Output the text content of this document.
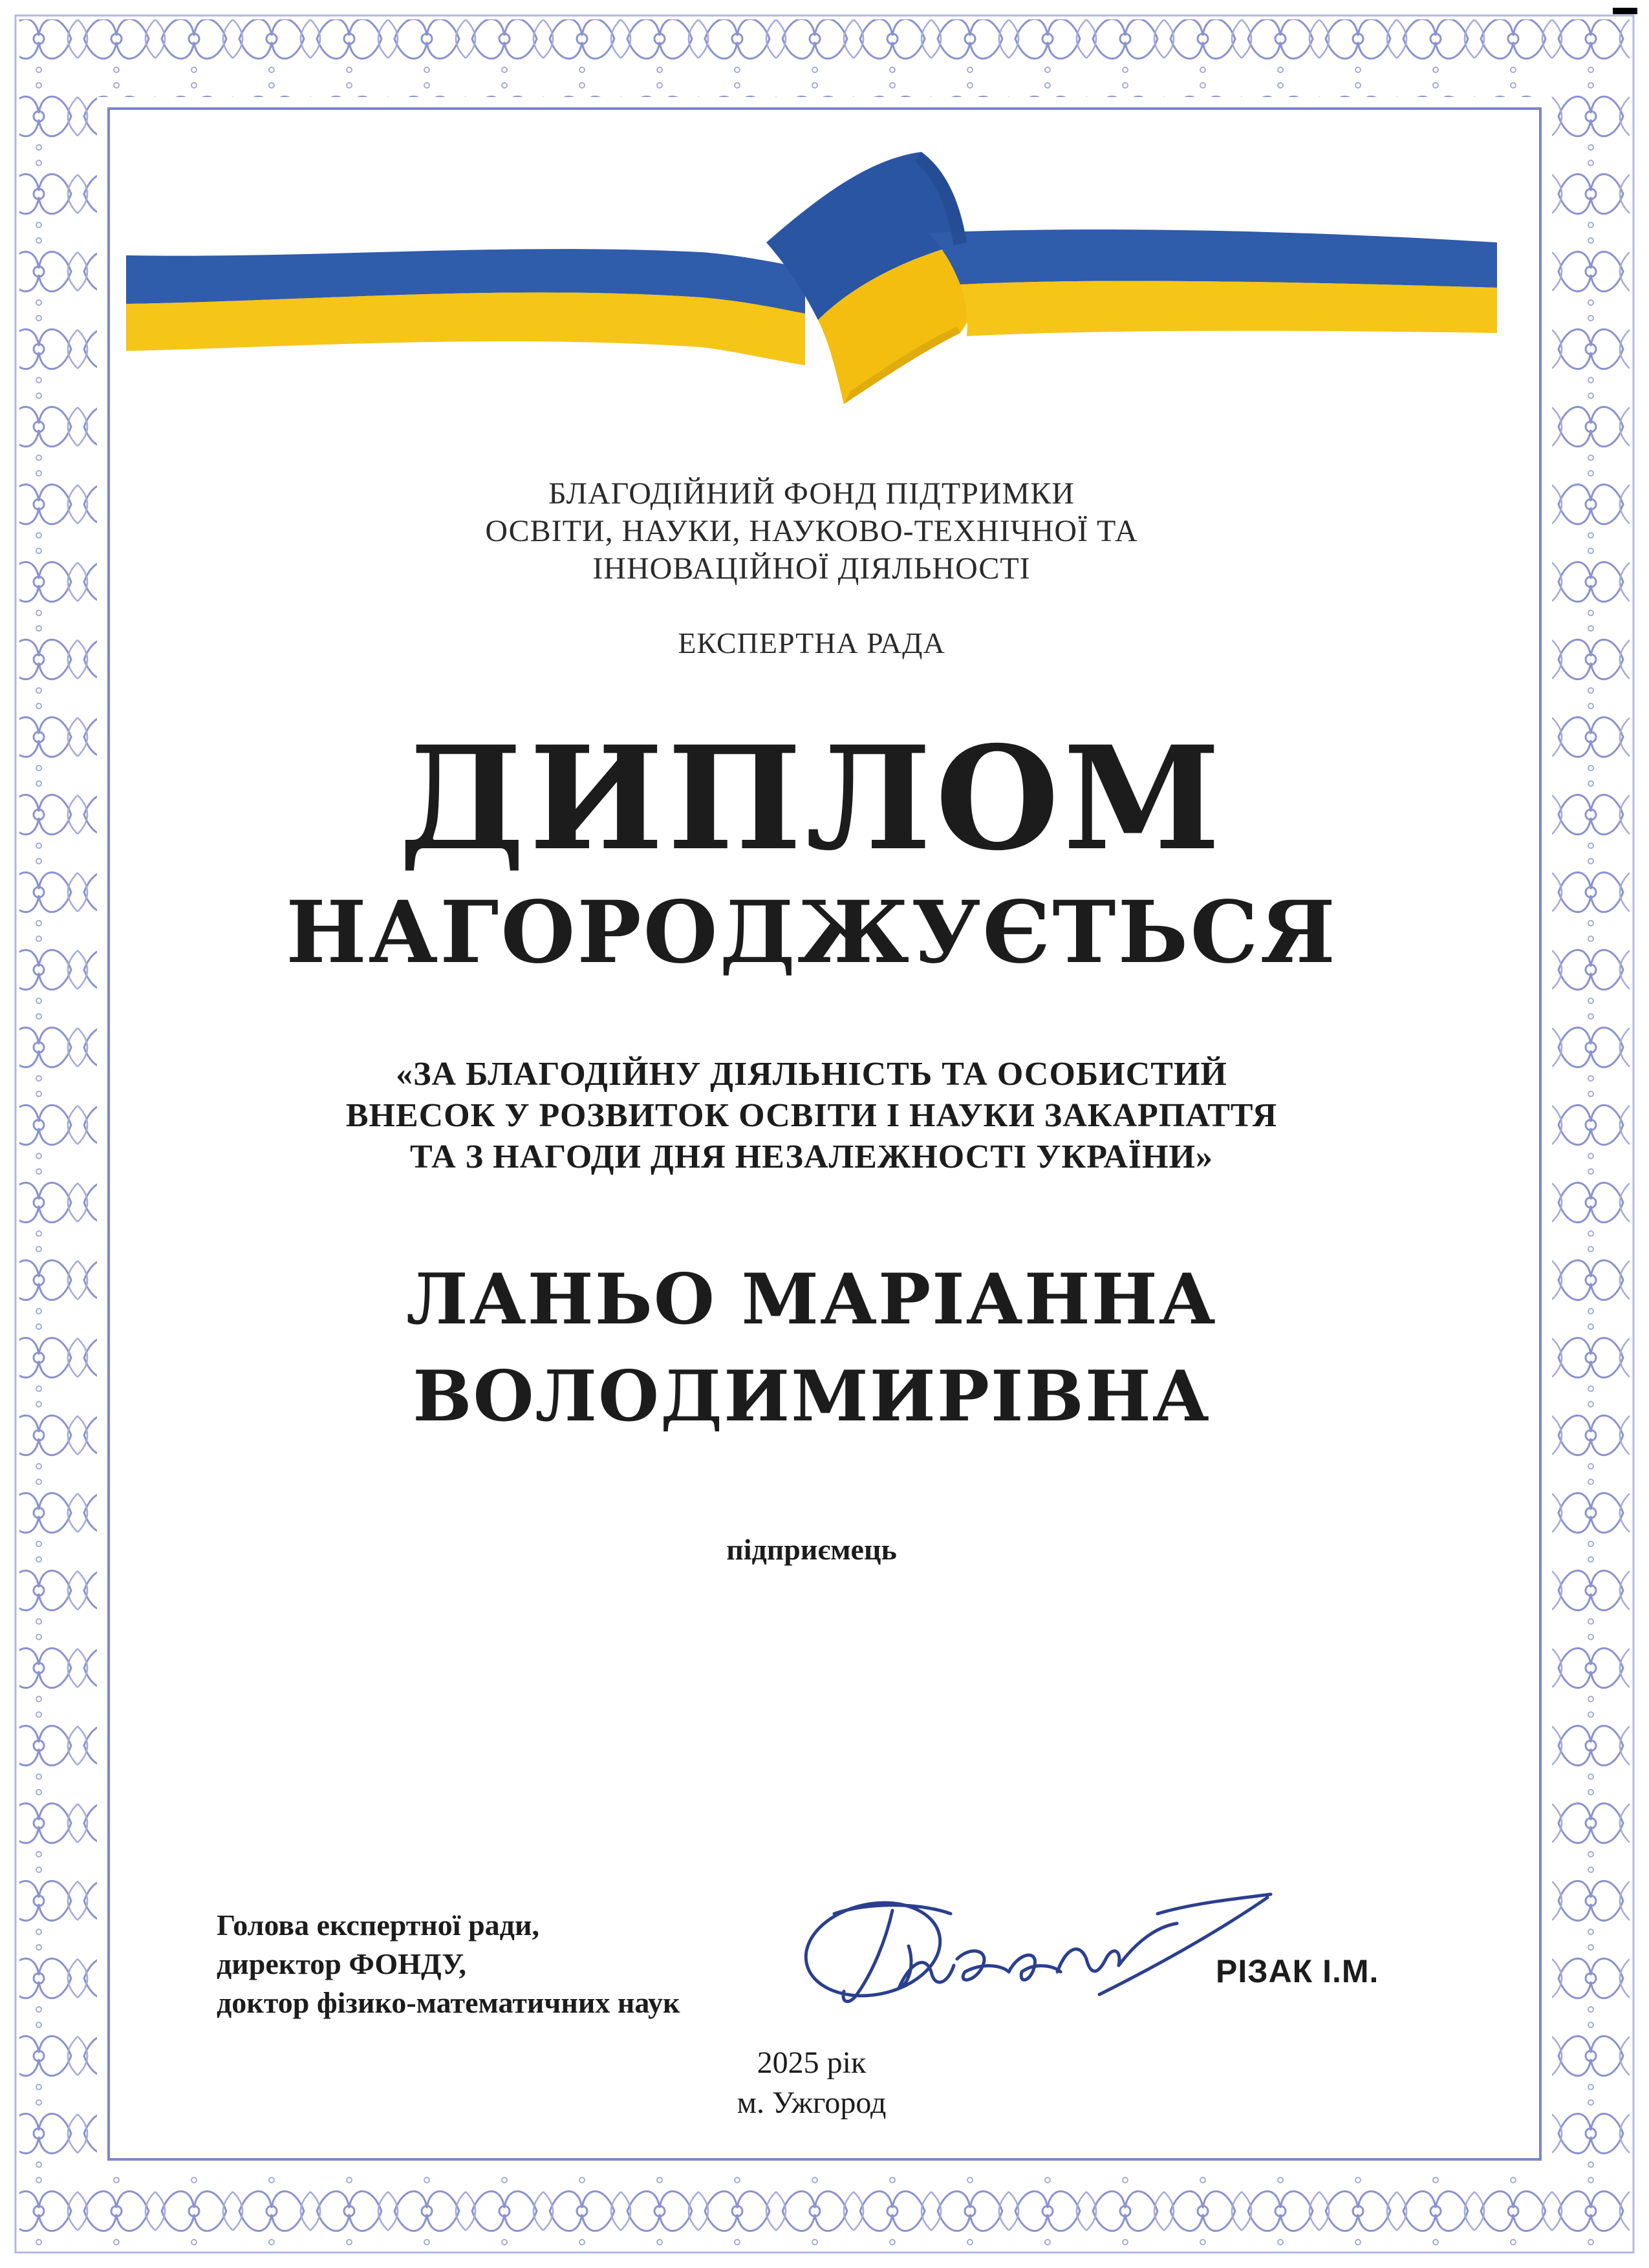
БЛАГОДІЙНИЙ ФОНД ПІДТРИМКИ
ОСВІТИ, НАУКИ, НАУКОВО-ТЕХНІЧНОЇ ТА
ІННОВАЦІЙНОЇ ДІЯЛЬНОСТІ
ЕКСПЕРТНА РАДА
ДИПЛОМ
НАГОРОДЖУЄТЬСЯ
«ЗА БЛАГОДІЙНУ ДІЯЛЬНІСТЬ ТА ОСОБИСТИЙ
ВНЕСОК У РОЗВИТОК ОСВІТИ І НАУКИ ЗАКАРПАТТЯ
ТА З НАГОДИ ДНЯ НЕЗАЛЕЖНОСТІ УКРАЇНИ»
ЛАНЬО МАРІАННА
ВОЛОДИМИРІВНА
підприємець
Голова експертної ради,
директор ФОНДУ,
доктор фізико-математичних наук
РІЗАК І.М.
2025 рік
м. Ужгород
